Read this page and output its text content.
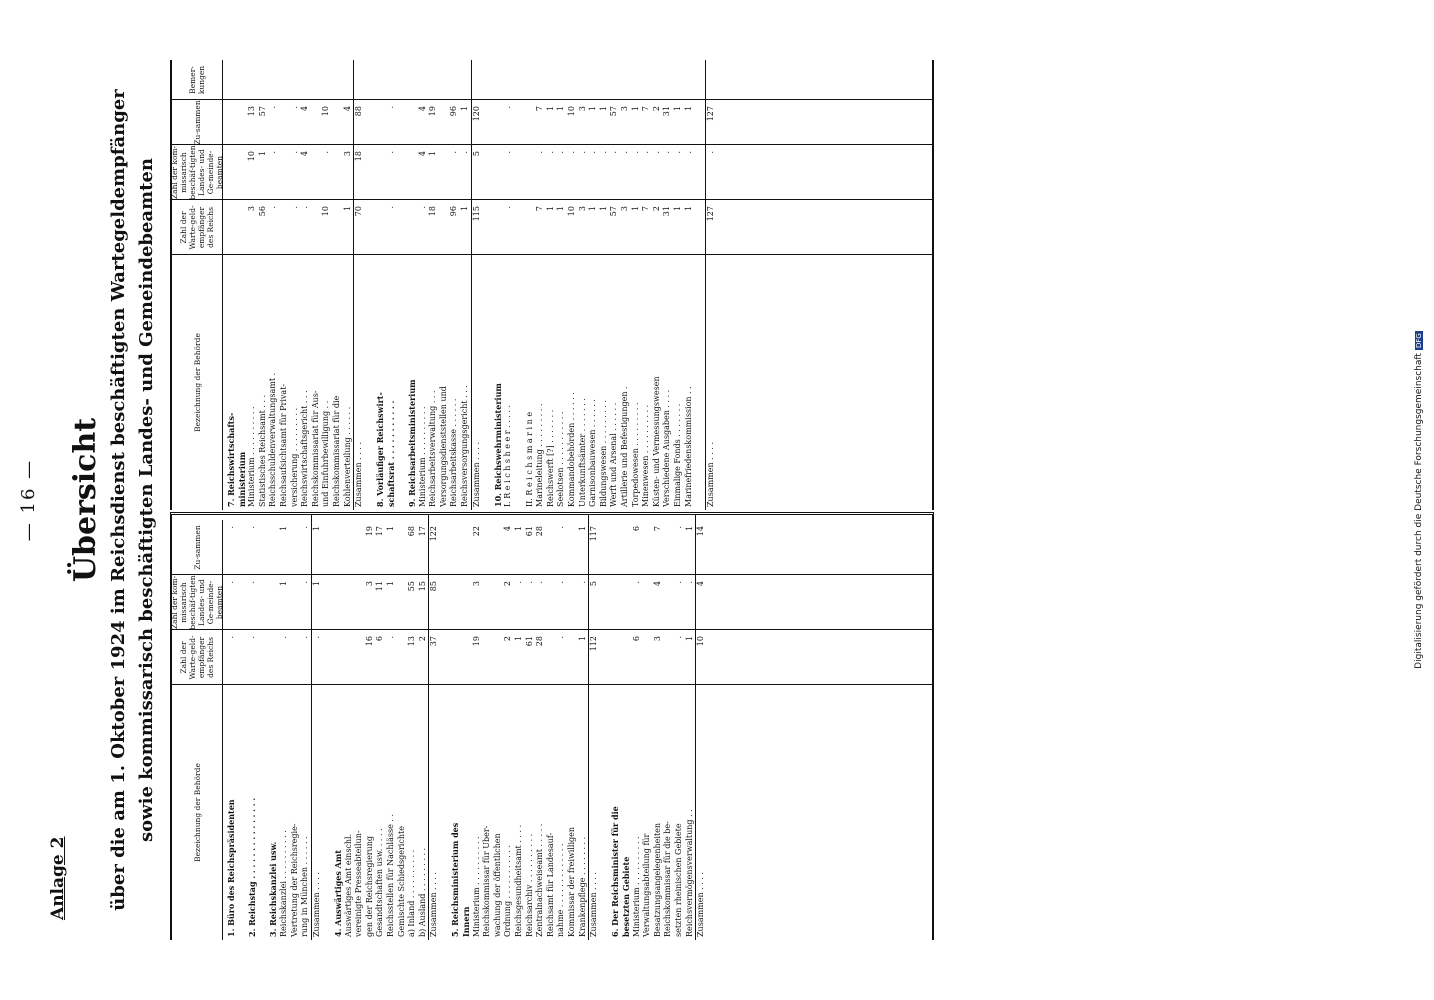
— 16 —
Anlage 2
Übersicht über die am 1. Oktober 1924 im Reichsdienst beschäftigten Wartegeldempfänger sowie kommissarisch beschäftigten Landes- und Gemeindebeamten	Bezeichnung der Behörde
Zahl der Warte-geld-empfänger des Reichs
Zahl der kom-missarisch beschäf-tigten Landes- und Ge-meinde-beamten
Zu-sammen
1. Büro des Reichspräsidenten
.
.
.
2. Reichstag . . . . . . . . . . . . . . .
.
.
.
3. Reichskanzlei usw. Reichskanzlei . . . . . . . . . .
.
1
1
Vertretung der Reichsregie- rung in München . . . . . .
.
.
.
Zusammen . . . .
.
1
1
4. Auswärtiges Amt Auswärtiges Amt einschl. vereinigte Presseabteilun- gen der Reichsregierung
16
3
19
Gesandtschaften usw. . . . .
6
11
17
Reichsstellen für Nachlässe . .
.
1
1
Gemischte Schiedsgerichte a) Inland . . . . . . . . . .
13
55
68
b) Ausland . . . . . . . . .
2
15
17
Zusammen . . . .
37
85
122
5. Reichsministerium des Innern Ministerium . . . . . . . . . .
19
3
22
Reichskommissar für Über- wachung der öffentlichen Ordnung . . . . . . . . . . .
2
2
4
Reichsgesundheitsamt . . . .
1
.
1
Reichsarchiv . . . . . . . . . .
61
.
61
Zentralnachweiseamt . . . . .
28
.
28
Reichsamt für Landesauf- nahme . . . . . . . . . . . . .
.
.
.
Kommissar der freiwilligen Krankenpflege . . . . . . . .
1
.
1
Zusammen . . . .
112
5
117
6. Der Reichsminister für die besetzten Gebiete Ministerium . . . . . . . . . .
6
.
6
Verwaltungsabteilung für Besatzungsangelegenheiten
3
4
7
Reichskommissar für die be- setzten rheinischen Gebiete
.
.
.
Reichsvermögensverwaltung . .
1
.
1
Zusammen . . . .
10
4
14
Bezeichnung der Behörde
Zahl der Warte-geld-empfänger des Reichs
Zahl der kom-missarisch beschäf-tigten Landes- und Ge-meinde-beamten
Zu-sammen
Bemer-kungen
7. Reichswirtschafts- ministerium Ministerium . . . . . . . . . .
3
10
13
Statistisches Reichsamt . . .
56
1
57
Reichsschuldenverwaltungsamt .
.
.
.
Reichsaufsichtsamt für Privat- versicherung . . . . . . . . .
.
.
.
Reichswirtschaftsgericht . . .
.
4
4
Reichskommissariat für Aus- und Einfuhrbewilligung . .
10
.
10
Reichskommissariat für die Kohlenverteilung . . . . . .
1
3
4
Zusammen . . . .
70
18
88
8. Vorläufiger Reichswirt- schaftsrat . . . . . . . . . . .
.
.
.
9. Reichsarbeitsministerium Ministerium . . . . . . . . . .
.
4
4
Reichsarbeitsverwaltung . . .
18
1
19
Versorgungsdienststellen und Reichsarbeitskasse . . . . . .
96
.
96
Reichsversorgungsgericht . . .
1
.
1
Zusammen . . . .
115
5
120
10. Reichswehrministerium I. R e i c h s h e e r . . . . .
.
.
.
II. R e i c h s m a r i n e Marineleitung . . . . . . . . .
7
.
7
Reichswerft [?] . . . . . . .
1
.
1
Seelotsen . . . . . . . . . . .
1
.
1
Kommandobehörden . . . . . .
10
.
10
Unterkunftsämter . . . . . . .
3
.
3
Garnisonbauwesen . . . . . .
1
.
1
Bildungswesen . . . . . . . . .
1
.
1
Werft und Arsenal . . . . . .
57
.
57
Artillerie und Befestigungen .
3
.
3
Torpedowesen . . . . . . . . .
1
.
1
Minenwesen . . . . . . . . . .
7
.
7
Küsten- und Vermessungswesen
2
.
2
Verschiedene Ausgaben . . . .
31
.
31
Einmalige Fonds . . . . . . .
1
.
1
Marinefriedenskommission . .
1
.
1
Zusammen . . . .
127
.
127
Digitalisierung gefördert durch die Deutsche ForschungsgemeinschaftDFG
